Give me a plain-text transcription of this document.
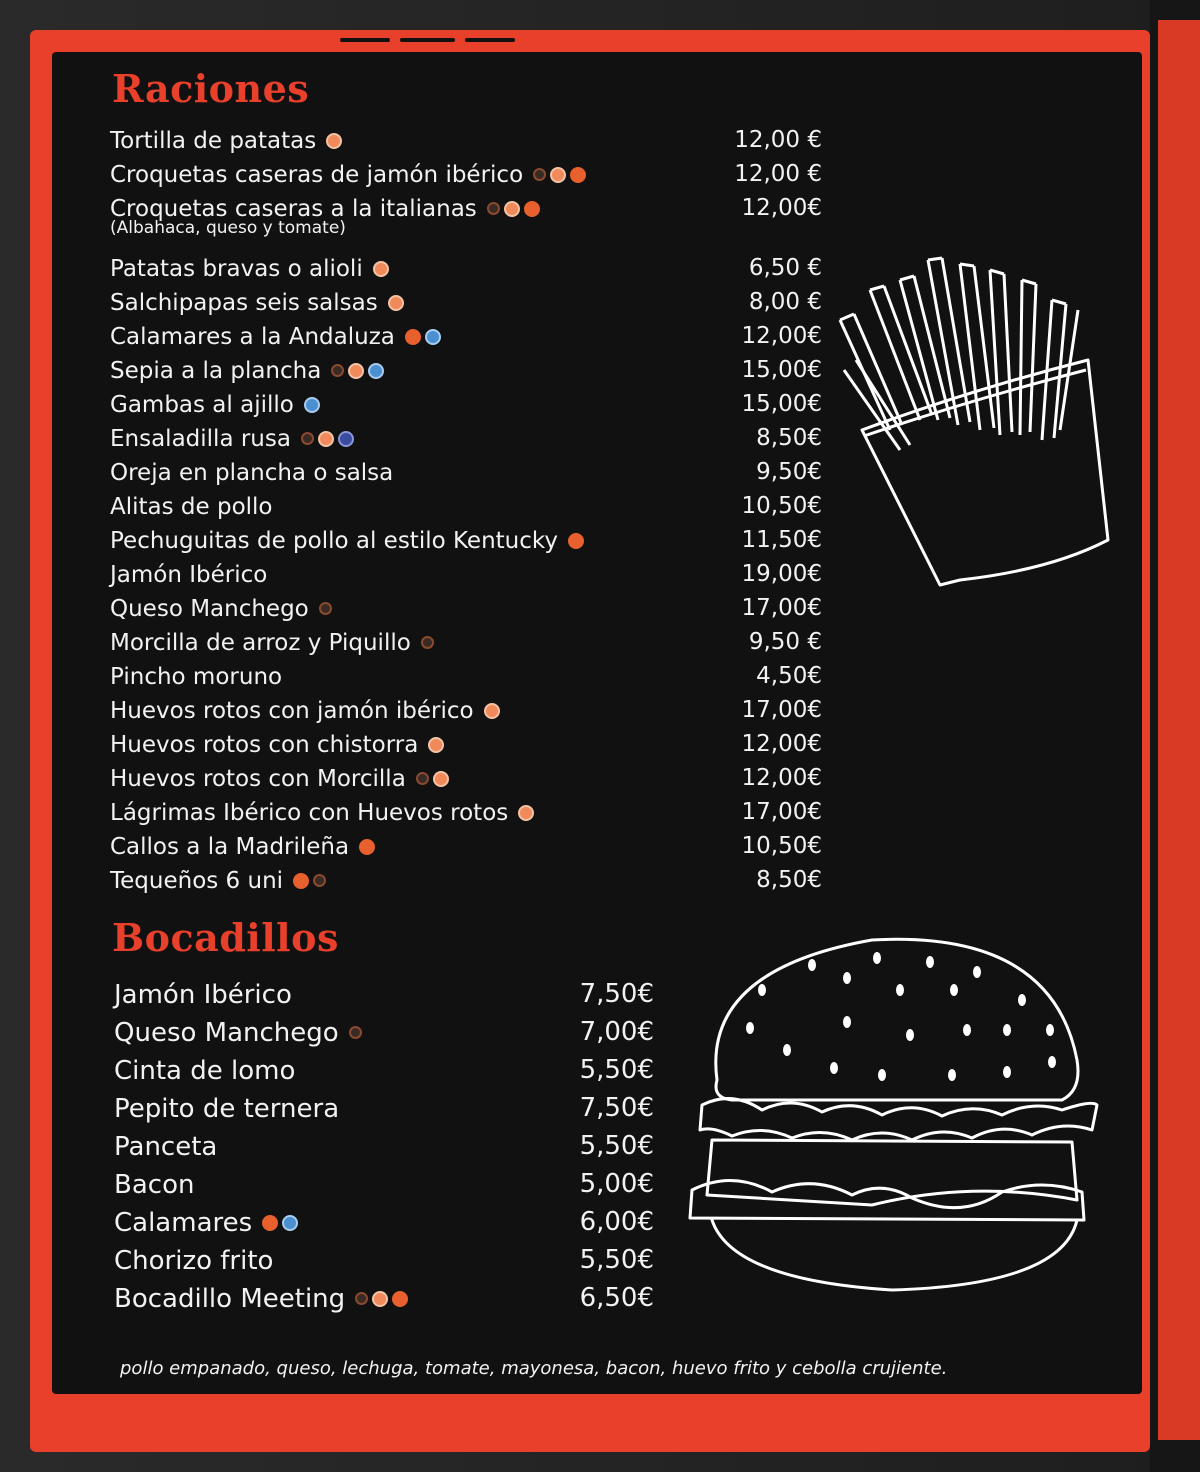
Raciones
Tortilla de patatas	12,00 €
Croquetas caseras de jamón ibérico	12,00 €
Croquetas caseras a la italianas	12,00€
(Albahaca, queso y tomate)
Patatas bravas o alioli	6,50 €
Salchipapas seis salsas	8,00 €
Calamares a la Andaluza	12,00€
Sepia a la plancha	15,00€
Gambas al ajillo	15,00€
Ensaladilla rusa	8,50€
Oreja en plancha o salsa	9,50€
Alitas de pollo	10,50€
Pechuguitas de pollo al estilo Kentucky	11,50€
Jamón Ibérico	19,00€
Queso Manchego	17,00€
Morcilla de arroz y Piquillo	9,50 €
Pincho moruno	4,50€
Huevos rotos con jamón ibérico	17,00€
Huevos rotos con chistorra	12,00€
Huevos rotos con Morcilla	12,00€
Lágrimas Ibérico con Huevos rotos	17,00€
Callos a la Madrileña	10,50€
Tequeños 6 uni	8,50€
Bocadillos
Jamón Ibérico	7,50€
Queso Manchego	7,00€
Cinta de lomo	5,50€
Pepito de ternera	7,50€
Panceta	5,50€
Bacon	5,00€
Calamares	6,00€
Chorizo frito	5,50€
Bocadillo Meeting	6,50€
pollo empanado, queso, lechuga, tomate, mayonesa, bacon, huevo frito y cebolla crujiente.
